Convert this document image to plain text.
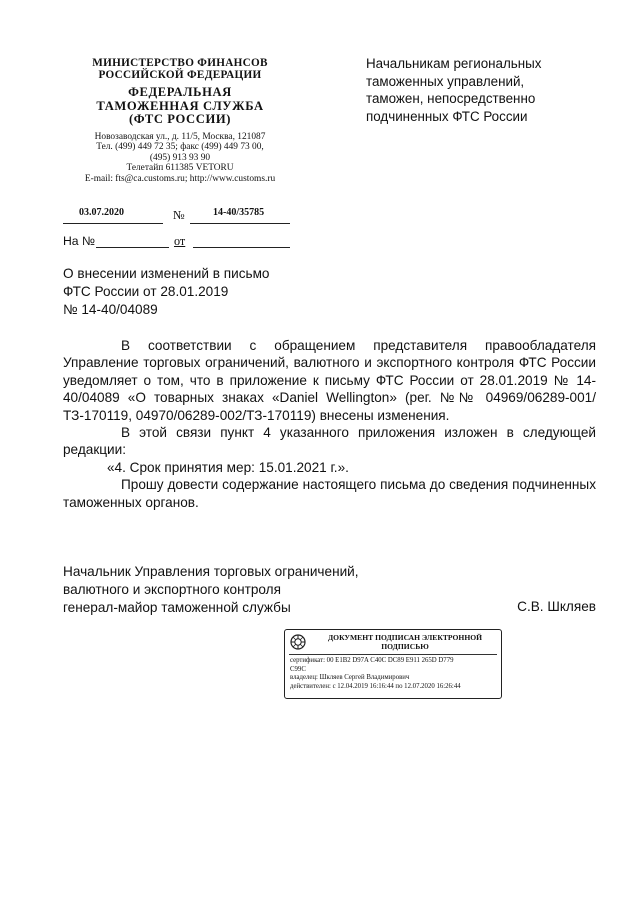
МИНИСТЕРСТВО ФИНАНСОВ
РОССИЙСКОЙ ФЕДЕРАЦИИ
ФЕДЕРАЛЬНАЯ
ТАМОЖЕННАЯ СЛУЖБА
(ФТС РОССИИ)
Новозаводская ул., д. 11/5, Москва, 121087
Тел. (499) 449 72 35; факс (499) 449 73 00,
(495) 913 93 90
Телетайп 611385 VETORU
E-mail: fts@ca.customs.ru; http://www.customs.ru
Начальникам региональных
таможенных управлений,
таможен, непосредственно
подчиненных ФТС России
03.07.2020	№	14-40/35785
На №	от
О внесении изменений в письмо
ФТС России от 28.01.2019
№ 14-40/04089

В соответствии с обращением представителя правообладателя Управление торговых ограничений, валютного и экспортного контроля ФТС России уведомляет о том, что в приложение к письму ФТС России от 28.01.2019 № 14-40/04089 «О товарных знаках «Daniel Wellington» (рег. №№ 04969/06289-001/ТЗ-170119, 04970/06289-002/ТЗ-170119) внесены изменения.

В этой связи пункт 4 указанного приложения изложен в следующей редакции:

«4. Срок принятия мер: 15.01.2021 г.».

Прошу довести содержание настоящего письма до сведения подчиненных таможенных органов.

Начальник Управления торговых ограничений,
валютного и экспортного контроля
генерал-майор таможенной службы	С.В. Шкляев
ДОКУМЕНТ ПОДПИСАН ЭЛЕКТРОННОЙ
ПОДПИСЬЮ
сертификат: 00 E1B2 D97A C40C DC89 E911 265D D779
C99C
владелец: Шкляев Сергей Владимирович
действителен: с 12.04.2019 16:16:44 по 12.07.2020 16:26:44
